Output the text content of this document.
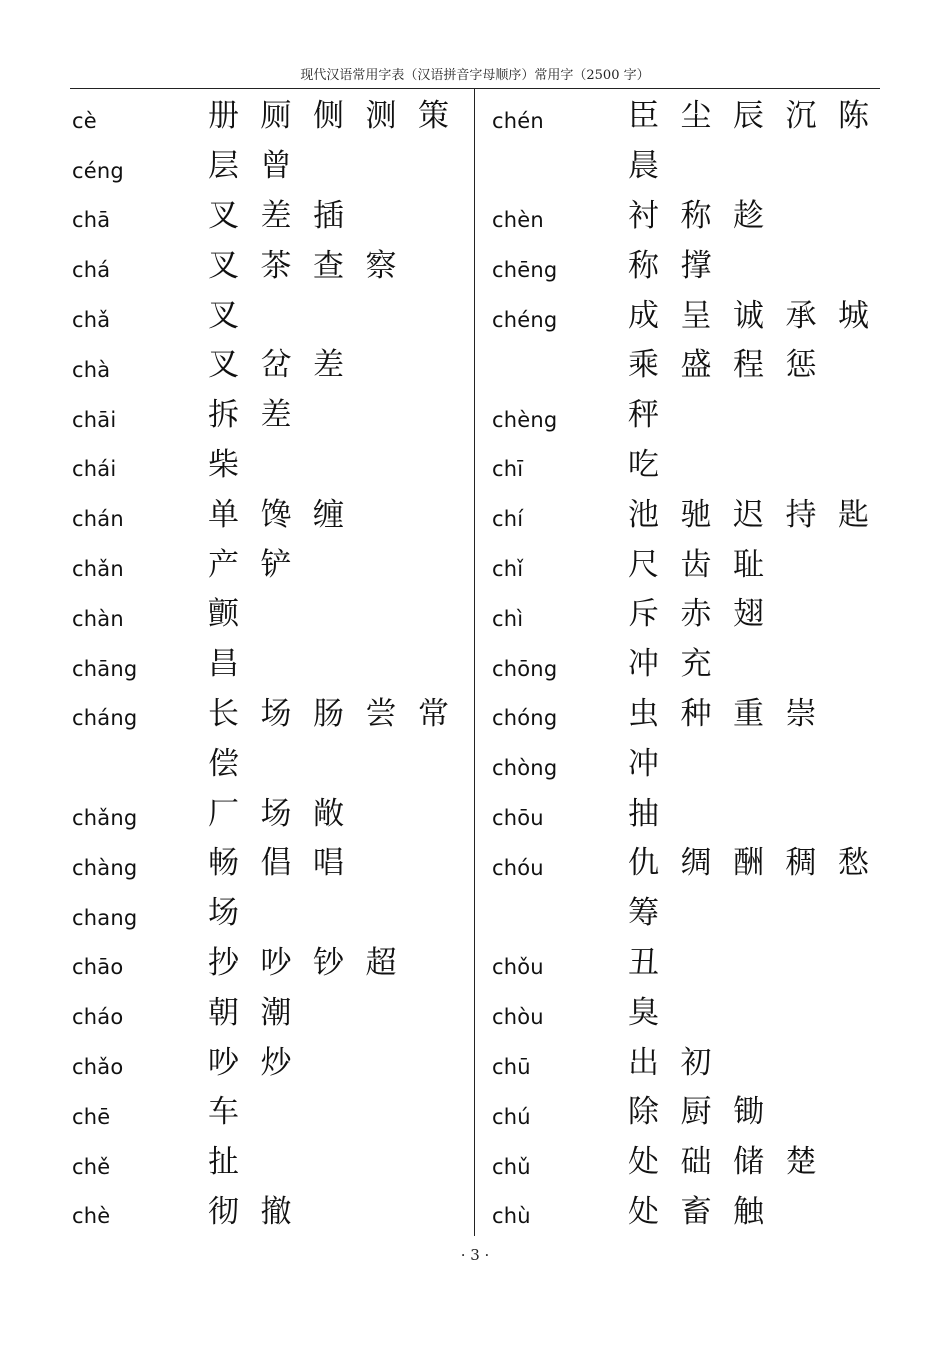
现代汉语常用字表（汉语拼音字母顺序）常用字（2500 字）
cè	册 厕 侧 测 策
céng	层 曾
chā	叉 差 插
chá	叉 茶 查 察
chǎ	叉
chà	叉 岔 差
chāi	拆 差
chái	柴
chán	单 馋 缠
chǎn	产 铲
chàn	颤
chāng	昌
cháng	长 场 肠 尝 常
偿
chǎng	厂 场 敞
chàng	畅 倡 唱
chang	场
chāo	抄 吵 钞 超
cháo	朝 潮
chǎo	吵 炒
chē	车
chě	扯
chè	彻 撤
chén	臣 尘 辰 沉 陈
晨
chèn	衬 称 趁
chēng	称 撑
chéng	成 呈 诚 承 城
乘 盛 程 惩
chèng	秤
chī	吃
chí	池 驰 迟 持 匙
chǐ	尺 齿 耻
chì	斥 赤 翅
chōng	冲 充
chóng	虫 种 重 崇
chòng	冲
chōu	抽
chóu	仇 绸 酬 稠 愁
筹
chǒu	丑
chòu	臭
chū	出 初
chú	除 厨 锄
chǔ	处 础 储 楚
chù	处 畜 触
· 3 ·
